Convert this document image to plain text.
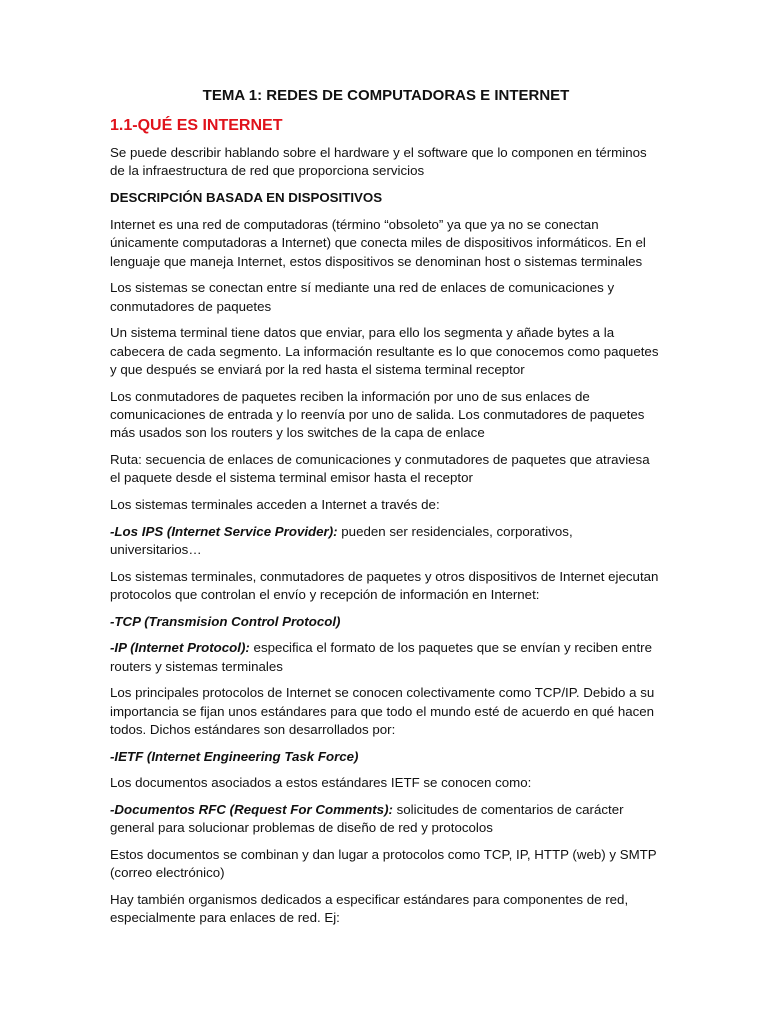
TEMA 1: REDES DE COMPUTADORAS E INTERNET
1.1-QUÉ ES INTERNET

Se puede describir hablando sobre el hardware y el software que lo componen en términos de la infraestructura de red que proporciona servicios

DESCRIPCIÓN BASADA EN DISPOSITIVOS

Internet es una red de computadoras (término “obsoleto” ya que ya no se conectan únicamente computadoras a Internet) que conecta miles de dispositivos informáticos. En el lenguaje que maneja Internet, estos dispositivos se denominan host o sistemas terminales

Los sistemas se conectan entre sí mediante una red de enlaces de comunicaciones y conmutadores de paquetes

Un sistema terminal tiene datos que enviar, para ello los segmenta y añade bytes a la cabecera de cada segmento. La información resultante es lo que conocemos como paquetes y que después se enviará por la red hasta el sistema terminal receptor

Los conmutadores de paquetes reciben la información por uno de sus enlaces de comunicaciones de entrada y lo reenvía por uno de salida. Los conmutadores de paquetes más usados son los routers y los switches de la capa de enlace

Ruta: secuencia de enlaces de comunicaciones y conmutadores de paquetes que atraviesa el paquete desde el sistema terminal emisor hasta el receptor

Los sistemas terminales acceden a Internet a través de:

-Los IPS (Internet Service Provider): pueden ser residenciales, corporativos, universitarios…

Los sistemas terminales, conmutadores de paquetes y otros dispositivos de Internet ejecutan protocolos que controlan el envío y recepción de información en Internet:

-TCP (Transmision Control Protocol)

-IP (Internet Protocol): especifica el formato de los paquetes que se envían y reciben entre routers y sistemas terminales

Los principales protocolos de Internet se conocen colectivamente como TCP/IP. Debido a su importancia se fijan unos estándares para que todo el mundo esté de acuerdo en qué hacen todos. Dichos estándares son desarrollados por:

-IETF (Internet Engineering Task Force)

Los documentos asociados a estos estándares IETF se conocen como:

-Documentos RFC (Request For Comments): solicitudes de comentarios de carácter general para solucionar problemas de diseño de red y protocolos

Estos documentos se combinan y dan lugar a protocolos como TCP, IP, HTTP (web) y SMTP (correo electrónico)

Hay también organismos dedicados a especificar estándares para componentes de red, especialmente para enlaces de red. Ej:
